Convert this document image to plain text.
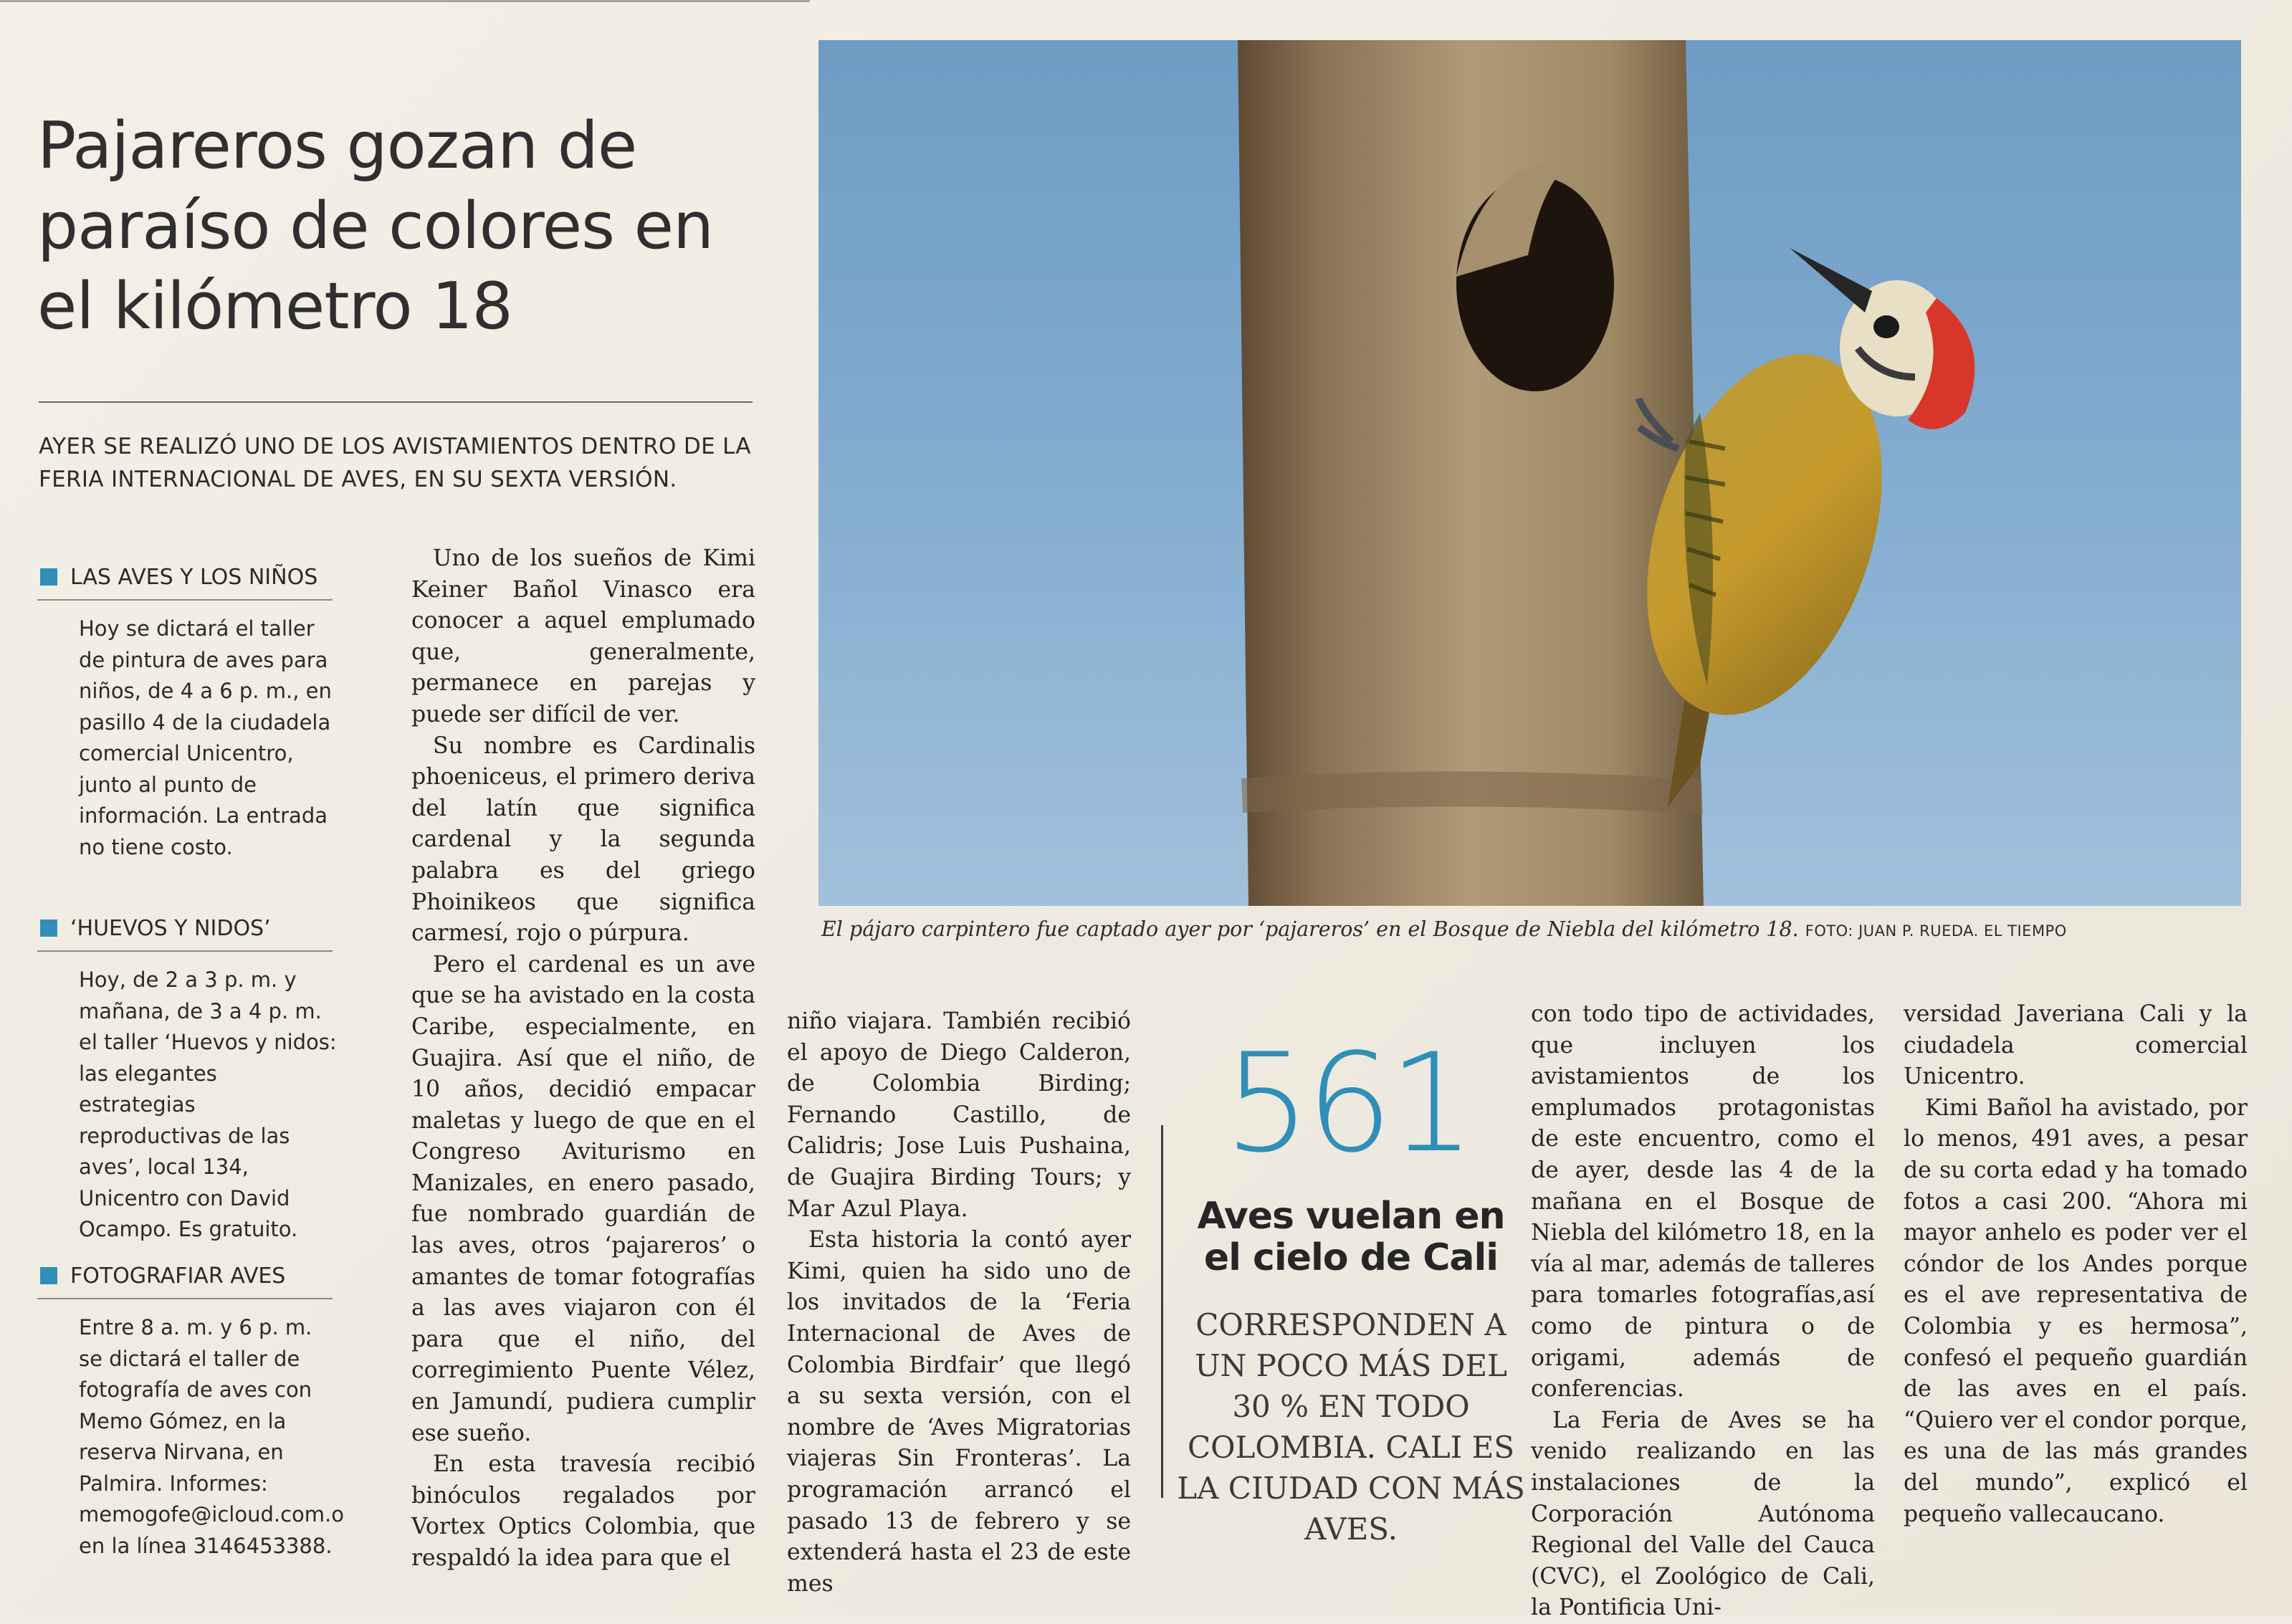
Pajareros gozan de paraíso de colores en el kilómetro 18
AYER SE REALIZÓ UNO DE LOS AVISTAMIENTOS DENTRO DE LA FERIA INTERNACIONAL DE AVES, EN SU SEXTA VERSIÓN.
LAS AVES Y LOS NIÑOS
Hoy se dictará el taller de pintura de aves para niños, de 4 a 6 p. m., en pasillo 4 de la ciudadela comercial Unicentro, junto al punto de información. La entrada no tiene costo.
‘HUEVOS Y NIDOS’
Hoy, de 2 a 3 p. m. y mañana, de 3 a 4 p. m. el taller ‘Huevos y nidos: las elegantes estrategias reproductivas de las aves’, local 134, Unicentro con David Ocampo. Es gratuito.
FOTOGRAFIAR AVES
Entre 8 a. m. y 6 p. m. se dictará el taller de fotografía de aves con Memo Gómez, en la reserva Nirvana, en Palmira. Informes: memogofe@icloud.com.o en la línea 3146453388.

Uno de los sueños de Kimi Keiner Bañol Vinasco era conocer a aquel emplumado que, generalmente, permanece en parejas y puede ser difícil de ver.

Su nombre es Cardinalis phoeniceus, el primero deriva del latín que significa cardenal y la segunda palabra es del griego Phoinikeos que significa carmesí, rojo o púrpura.

Pero el cardenal es un ave que se ha avistado en la costa Caribe, especialmente, en Guajira. Así que el niño, de 10 años, decidió empacar maletas y luego de que en el Congreso Aviturismo en Manizales, en enero pasado, fue nombrado guardián de las aves, otros ‘pajareros’ o amantes de tomar fotografías a las aves viajaron con él para que el niño, del corregimiento Puente Vélez, en Jamundí, pudiera cumplir ese sueño.

En esta travesía recibió binóculos regalados por Vortex Optics Colombia, que respaldó la idea para que el

El pájaro carpintero fue captado ayer por ‘pajareros’ en el Bosque de Niebla del kilómetro 18. FOTO: JUAN P. RUEDA. EL TIEMPO

niño viajara. También recibió el apoyo de Diego Calderon, de Colombia Birding; Fernando Castillo, de Calidris; Jose Luis Pushaina, de Guajira Birding Tours; y Mar Azul Playa.

Esta historia la contó ayer Kimi, quien ha sido uno de los invitados de la ‘Feria Internacional de Aves de Colombia Birdfair’ que llegó a su sexta versión, con el nombre de ‘Aves Migratorias viajeras Sin Fronteras’. La programación arrancó el pasado 13 de febrero y se extenderá hasta el 23 de este mes

561
Aves vuelan en el cielo de Cali
CORRESPONDEN A UN POCO MÁS DEL 30 % EN TODO COLOMBIA. CALI ES LA CIUDAD CON MÁS AVES.

con todo tipo de actividades, que incluyen los avistamientos de los emplumados protagonistas de este encuentro, como el de ayer, desde las 4 de la mañana en el Bosque de Niebla del kilómetro 18, en la vía al mar, además de talleres para tomarles fotografías,así como de pintura o de origami, además de conferencias.

La Feria de Aves se ha venido realizando en las instalaciones de la Corporación Autónoma Regional del Valle del Cauca (CVC), el Zoológico de Cali, la Pontificia Uni-

versidad Javeriana Cali y la ciudadela comercial Unicentro.

Kimi Bañol ha avistado, por lo menos, 491 aves, a pesar de su corta edad y ha tomado fotos a casi 200. “Ahora mi mayor anhelo es poder ver el cóndor de los Andes porque es el ave representativa de Colombia y es hermosa”, confesó el pequeño guardián de las aves en el país. “Quiero ver el condor porque, es una de las más grandes del mundo”, explicó el pequeño vallecaucano.
